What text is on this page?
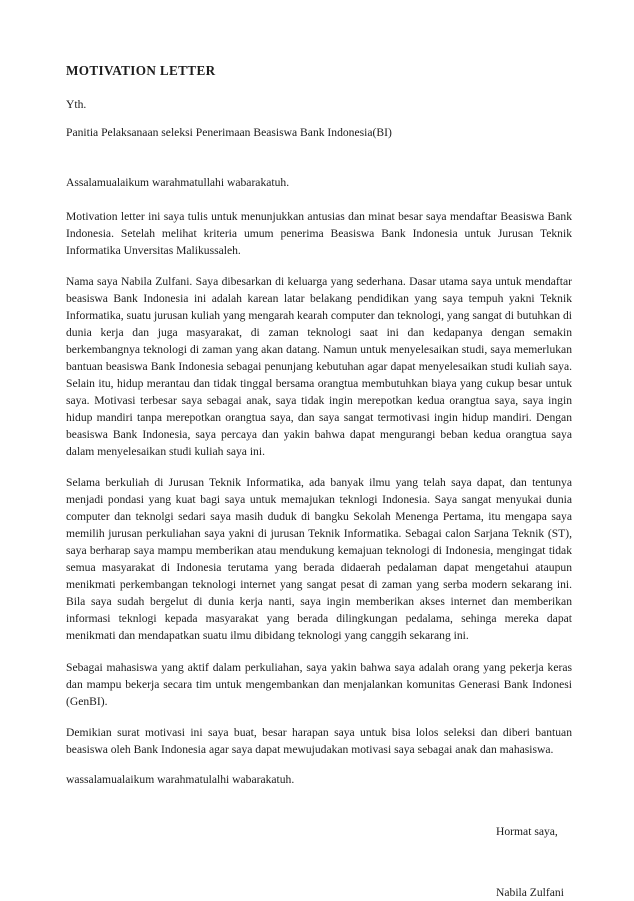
MOTIVATION LETTER

Yth.

Panitia Pelaksanaan seleksi Penerimaan Beasiswa Bank Indonesia(BI)

Assalamualaikum warahmatullahi wabarakatuh.

Motivation letter ini saya tulis untuk menunjukkan antusias dan minat besar saya mendaftar Beasiswa Bank Indonesia. Setelah melihat kriteria umum penerima Beasiswa Bank Indonesia untuk Jurusan Teknik Informatika Unversitas Malikussaleh.

Nama saya Nabila Zulfani. Saya dibesarkan di keluarga yang sederhana. Dasar utama saya untuk mendaftar beasiswa Bank Indonesia ini adalah karean latar belakang pendidikan yang saya tempuh yakni Teknik Informatika, suatu jurusan kuliah yang mengarah kearah computer dan teknologi, yang sangat di butuhkan di dunia kerja dan juga masyarakat, di zaman teknologi saat ini dan kedapanya dengan semakin berkembangnya teknologi di zaman yang akan datang. Namun untuk menyelesaikan studi, saya memerlukan bantuan beasiswa Bank Indonesia sebagai penunjang kebutuhan agar dapat menyelesaikan studi kuliah saya. Selain itu, hidup merantau dan tidak tinggal bersama orangtua membutuhkan biaya yang cukup besar untuk saya. Motivasi terbesar saya sebagai anak, saya tidak ingin merepotkan kedua orangtua saya, saya ingin hidup mandiri tanpa merepotkan orangtua saya, dan saya sangat termotivasi ingin hidup mandiri. Dengan beasiswa Bank Indonesia, saya percaya dan yakin bahwa dapat mengurangi beban kedua orangtua saya dalam menyelesaikan studi kuliah saya ini.

Selama berkuliah di Jurusan Teknik Informatika, ada banyak ilmu yang telah saya dapat, dan tentunya menjadi pondasi yang kuat bagi saya untuk memajukan teknlogi Indonesia. Saya sangat menyukai dunia computer dan teknolgi sedari saya masih duduk di bangku Sekolah Menenga Pertama, itu mengapa saya memilih jurusan perkuliahan saya yakni di jurusan Teknik Informatika. Sebagai calon Sarjana Teknik (ST), saya berharap saya mampu memberikan atau mendukung kemajuan teknologi di Indonesia, mengingat tidak semua masyarakat di Indonesia terutama yang berada didaerah pedalaman dapat mengetahui ataupun menikmati perkembangan teknologi internet yang sangat pesat di zaman yang serba modern sekarang ini. Bila saya sudah bergelut di dunia kerja nanti, saya ingin memberikan akses internet dan memberikan informasi teknlogi kepada masyarakat yang berada dilingkungan pedalama, sehinga mereka dapat menikmati dan mendapatkan suatu ilmu dibidang teknologi yang canggih sekarang ini.

Sebagai mahasiswa yang aktif dalam perkuliahan, saya yakin bahwa saya adalah orang yang pekerja keras dan mampu bekerja secara tim untuk mengembankan dan menjalankan komunitas Generasi Bank Indonesi (GenBI).

Demikian surat motivasi ini saya buat, besar harapan saya untuk bisa lolos seleksi dan diberi bantuan beasiswa oleh Bank Indonesia agar saya dapat mewujudakan motivasi saya sebagai anak dan mahasiswa.

wassalamualaikum warahmatulalhi wabarakatuh.

Hormat saya,

Nabila Zulfani
